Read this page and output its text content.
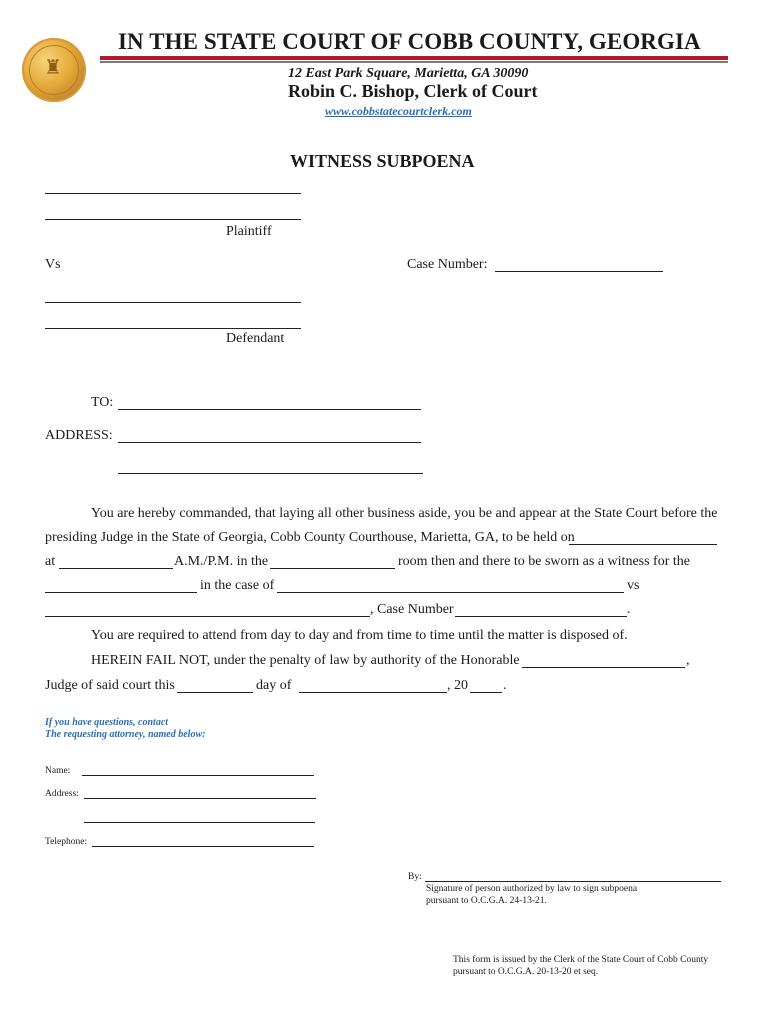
♜
IN THE STATE COURT OF COBB COUNTY, GEORGIA
12 East Park Square, Marietta, GA 30090
Robin C. Bishop, Clerk of Court
www.cobbstatecourtclerk.com
WITNESS SUBPOENA
Plaintiff
Vs	Case Number:
Defendant
TO:
ADDRESS:
You are hereby commanded, that laying all other business aside, you be and appear at the State Court before the
presiding Judge in the State of Georgia, Cobb County Courthouse, Marietta, GA, to be held on
at	A.M./P.M. in the	room then and there to be sworn as a witness for the
in the case of	vs
, Case Number	.
You are required to attend from day to day and from time to time until the matter is disposed of.
HEREIN FAIL NOT, under the penalty of law by authority of the Honorable	,
Judge of said court this	day of	, 20	.
If you have questions, contact
The requesting attorney, named below:
Name:
Address:
Telephone:
By:
Signature of person authorized by law to sign subpoena
pursuant to O.C.G.A. 24-13-21.
This form is issued by the Clerk of the State Court of Cobb County
pursuant to O.C.G.A. 20-13-20 et seq.
